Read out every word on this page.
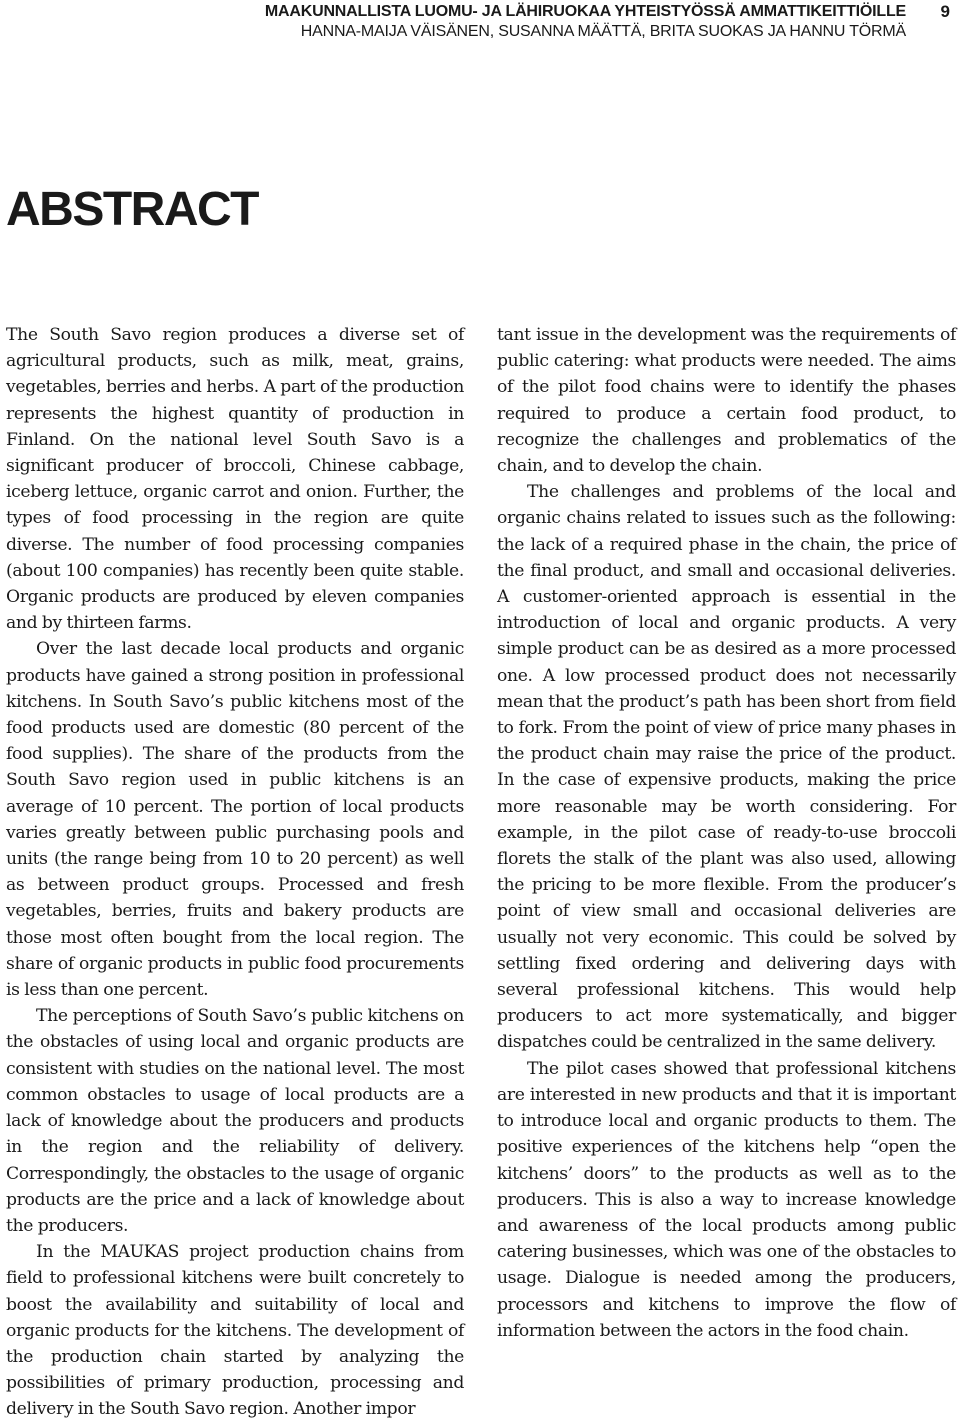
MAAKUNNALLISTA LUOMU- JA LÄHIRUOKAA YHTEISTYÖSSÄ AMMATTIKEITTIÖILLE
HANNA-MAIJA VÄISÄNEN, SUSANNA MÄÄTTÄ, BRITA SUOKAS JA HANNU TÖRMÄ
9
ABSTRACT

The South Savo region produces a diverse set of agricultural products, such as milk, meat, grains, vegetables, berries and herbs. A part of the production represents the highest quantity of production in Finland. On the national level South Savo is a significant producer of broccoli, Chinese cabbage, iceberg lettuce, organic carrot and onion. Further, the types of food processing in the region are quite diverse. The number of food processing companies (about 100 companies) has recently been quite stable. Organic products are produced by eleven companies and by thirteen farms.

Over the last decade local products and organic products have gained a strong position in professional kitchens. In South Savo’s public kitchens most of the food products used are domestic (80 percent of the food supplies). The share of the products from the South Savo region used in public kitchens is an average of 10 percent. The portion of local products varies greatly between public purchasing pools and units (the range being from 10 to 20 percent) as well as between product groups. Processed and fresh vegetables, berries, fruits and bakery products are those most often bought from the local region. The share of organic products in public food procurements is less than one percent.

The perceptions of South Savo’s public kitchens on the obstacles of using local and organic products are consistent with studies on the national level. The most common obstacles to usage of local products are a lack of knowledge about the producers and products in the region and the reliability of delivery. Correspondingly, the obstacles to the usage of organic products are the price and a lack of knowledge about the producers.

In the MAUKAS project production chains from field to professional kitchens were built concretely to boost the availability and suitability of local and organic products for the kitchens. The development of the production chain started by analyzing the possibilities of primary production, processing and delivery in the South Savo region. Another impor

tant issue in the development was the requirements of public catering: what products were needed. The aims of the pilot food chains were to identify the phases required to produce a certain food product, to recognize the challenges and problematics of the chain, and to develop the chain.

The challenges and problems of the local and organic chains related to issues such as the following: the lack of a required phase in the chain, the price of the final product, and small and occasional deliveries. A customer-oriented approach is essential in the introduction of local and organic products. A very simple product can be as desired as a more processed one. A low processed product does not necessarily mean that the product’s path has been short from field to fork. From the point of view of price many phases in the product chain may raise the price of the product. In the case of expensive products, making the price more reasonable may be worth considering. For example, in the pilot case of ready-to-use broccoli florets the stalk of the plant was also used, allowing the pricing to be more flexible. From the producer’s point of view small and occasional deliveries are usually not very economic. This could be solved by settling fixed ordering and delivering days with several professional kitchens. This would help producers to act more systematically, and bigger dispatches could be centralized in the same delivery.

The pilot cases showed that professional kitchens are interested in new products and that it is important to introduce local and organic products to them. The positive experiences of the kitchens help “open the kitchens’ doors” to the products as well as to the producers. This is also a way to increase knowledge and awareness of the local products among public catering businesses, which was one of the obstacles to usage. Dialogue is needed among the producers, processors and kitchens to improve the flow of information between the actors in the food chain.
